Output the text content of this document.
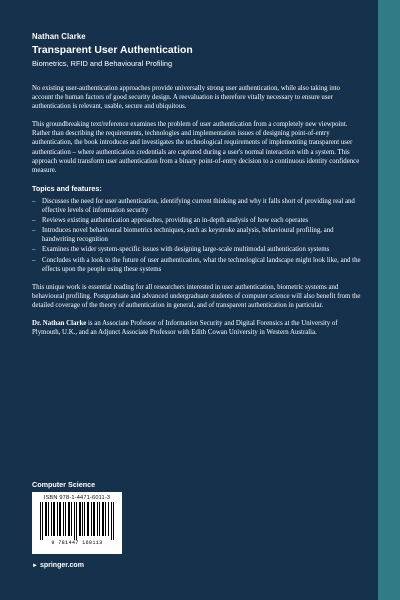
Nathan Clarke
Transparent User Authentication
Biometrics, RFID and Behavioural Profiling

No existing user-authentication approaches provide universally strong user authentication, while also taking into account the human factors of good security design. A reevaluation is therefore vitally necessary to ensure user authentication is relevant, usable, secure and ubiquitous.

This groundbreaking text/reference examines the problem of user authentication from a completely new viewpoint. Rather than describing the requirements, technologies and implementation issues of designing point-of-entry authentication, the book introduces and investigates the technological requirements of implementing transparent user authentication – where authentication credentials are captured during a user's normal interaction with a system. This approach would transform user authentication from a binary point-of-entry decision to a continuous identity confidence measure.

Topics and features:
– Discusses the need for user authentication, identifying current thinking and why it falls short of providing real and effective levels of information security
– Reviews existing authentication approaches, providing an in-depth analysis of how each operates
– Introduces novel behavioural biometrics techniques, such as keystroke analysis, behavioural profiling, and handwriting recognition
– Examines the wider system-specific issues with designing large-scale multimodal authentication systems
– Concludes with a look to the future of user authentication, what the technological landscape might look like, and the effects upon the people using these systems

This unique work is essential reading for all researchers interested in user authentication, biometric systems and behavioural profiling. Postgraduate and advanced undergraduate students of computer science will also benefit from the detailed coverage of the theory of authentication in general, and of transparent authentication in particular.

Dr. Nathan Clarke is an Associate Professor of Information Security and Digital Forensics at the University of Plymouth, U.K., and an Adjunct Associate Professor with Edith Cowan University in Western Australia.

Computer Science
ISBN 978-1-4471-6011-3
9 781447 160113
► springer.com
